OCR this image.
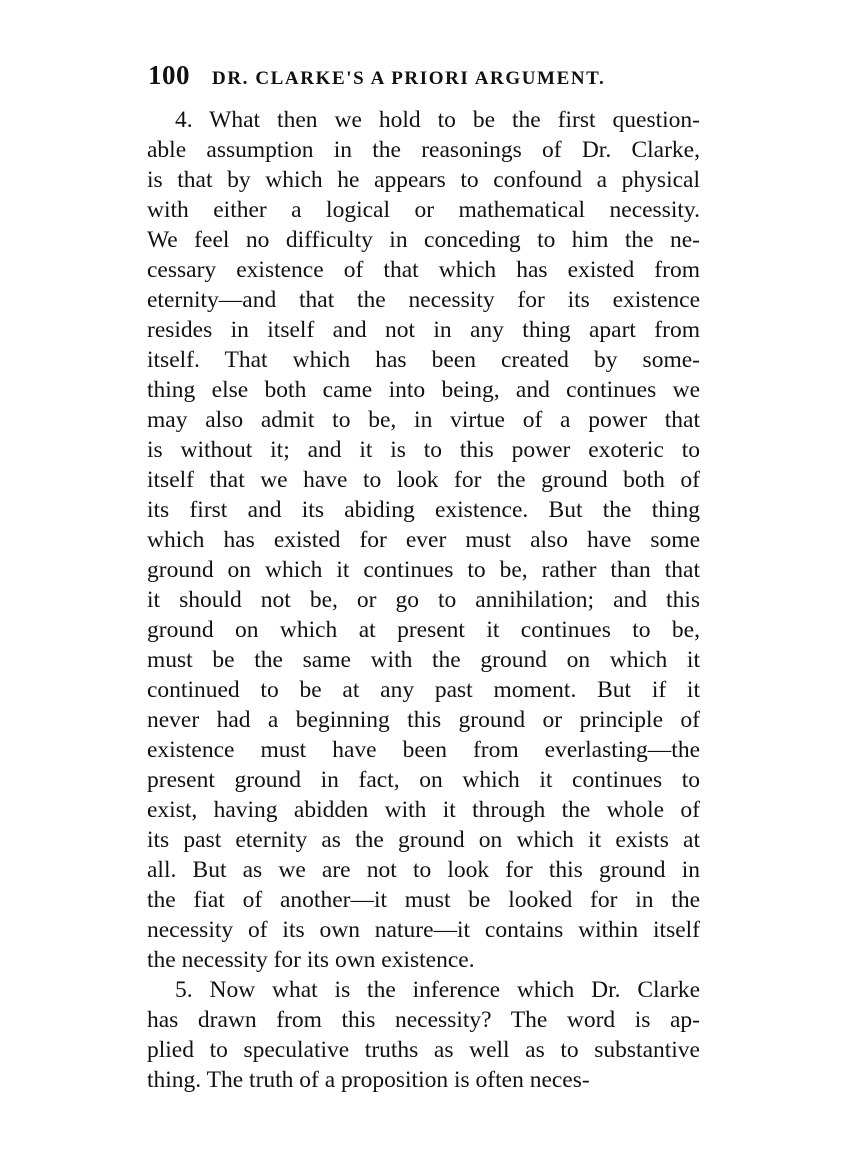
100 DR. CLARKE'S A PRIORI ARGUMENT.
4. What then we hold to be the first question-
able assumption in the reasonings of Dr. Clarke,
is that by which he appears to confound a physical
with either a logical or mathematical necessity.
We feel no difficulty in conceding to him the ne-
cessary existence of that which has existed from
eternity—and that the necessity for its existence
resides in itself and not in any thing apart from
itself. That which has been created by some-
thing else both came into being, and continues we
may also admit to be, in virtue of a power that
is without it; and it is to this power exoteric to
itself that we have to look for the ground both of
its first and its abiding existence. But the thing
which has existed for ever must also have some
ground on which it continues to be, rather than that
it should not be, or go to annihilation; and this
ground on which at present it continues to be,
must be the same with the ground on which it
continued to be at any past moment. But if it
never had a beginning this ground or principle of
existence must have been from everlasting—the
present ground in fact, on which it continues to
exist, having abidden with it through the whole of
its past eternity as the ground on which it exists at
all. But as we are not to look for this ground in
the fiat of another—it must be looked for in the
necessity of its own nature—it contains within itself
the necessity for its own existence.
5. Now what is the inference which Dr. Clarke
has drawn from this necessity? The word is ap-
plied to speculative truths as well as to substantive
thing. The truth of a proposition is often neces-
